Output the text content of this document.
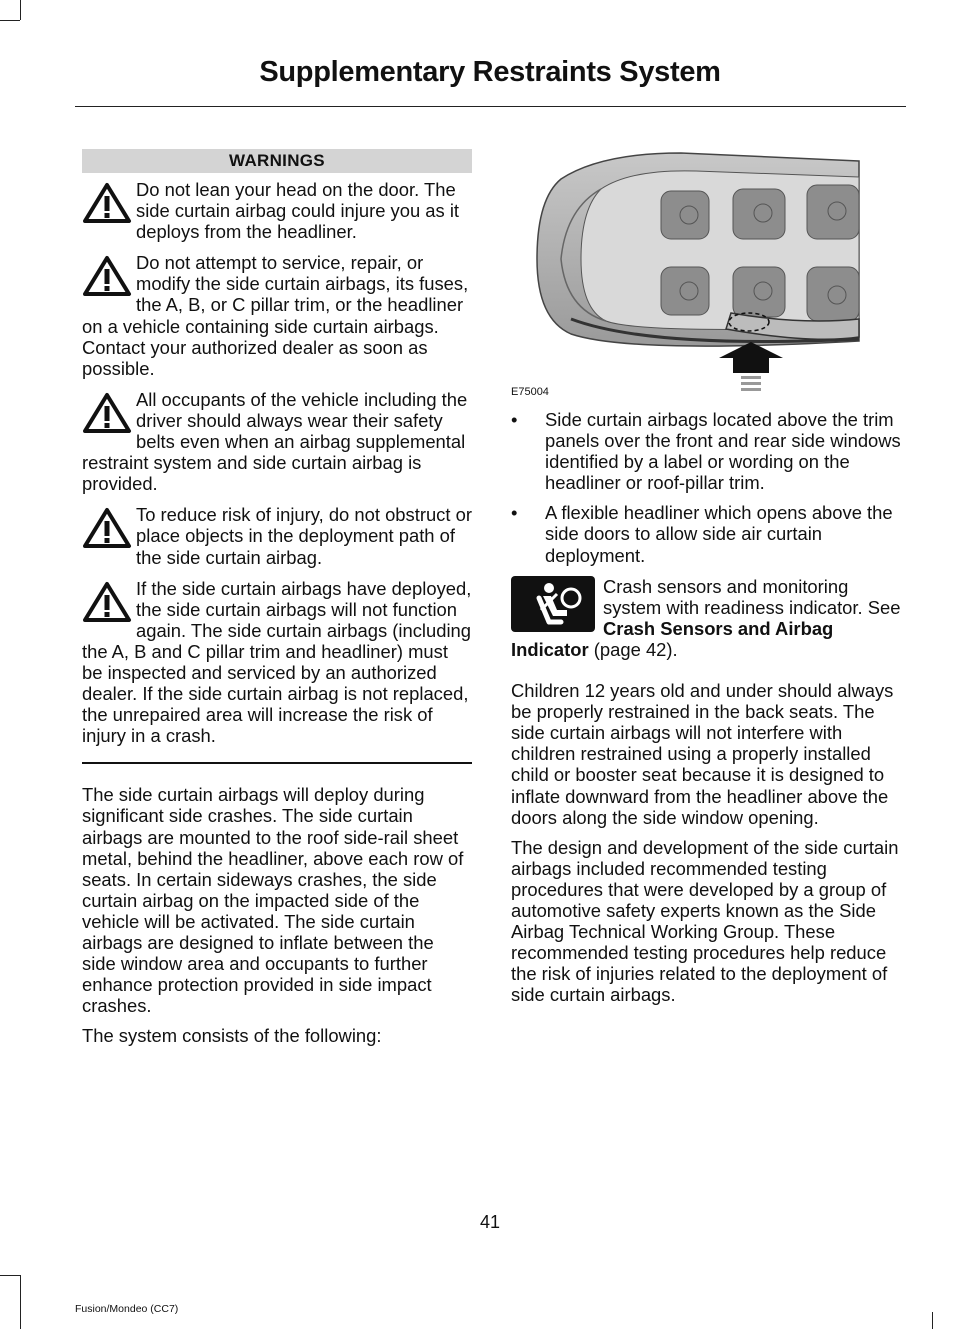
Supplementary Restraints System
WARNINGS
Do not lean your head on the door. The side curtain airbag could injure you as it deploys from the headliner.
Do not attempt to service, repair, or modify the side curtain airbags, its fuses, the A, B, or C pillar trim, or the headliner on a vehicle containing side curtain airbags. Contact your authorized dealer as soon as possible.
All occupants of the vehicle including the driver should always wear their safety belts even when an airbag supplemental restraint system and side curtain airbag is provided.
To reduce risk of injury, do not obstruct or place objects in the deployment path of the side curtain airbag.
If the side curtain airbags have deployed, the side curtain airbags will not function again. The side curtain airbags (including the A, B and C pillar trim and headliner) must be inspected and serviced by an authorized dealer. If the side curtain airbag is not replaced, the unrepaired area will increase the risk of injury in a crash.

The side curtain airbags will deploy during significant side crashes. The side curtain airbags are mounted to the roof side-rail sheet metal, behind the headliner, above each row of seats. In certain sideways crashes, the side curtain airbag on the impacted side of the vehicle will be activated. The side curtain airbags are designed to inflate between the side window area and occupants to further enhance protection provided in side impact crashes.

The system consists of the following:

E75004
• Side curtain airbags located above the trim panels over the front and rear side windows identified by a label or wording on the headliner or roof-pillar trim.
• A flexible headliner which opens above the side doors to allow side air curtain deployment.

Crash sensors and monitoring system with readiness indicator. See Crash Sensors and Airbag Indicator (page 42).

Children 12 years old and under should always be properly restrained in the back seats. The side curtain airbags will not interfere with children restrained using a properly installed child or booster seat because it is designed to inflate downward from the headliner above the doors along the side window opening.

The design and development of the side curtain airbags included recommended testing procedures that were developed by a group of automotive safety experts known as the Side Airbag Technical Working Group. These recommended testing procedures help reduce the risk of injuries related to the deployment of side curtain airbags.

41
Fusion/Mondeo (CC7)
